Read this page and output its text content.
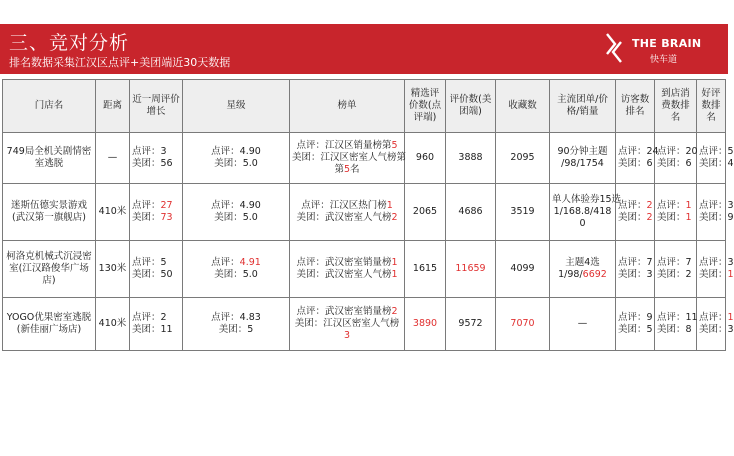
三、竞对分析
排名数据采集江汉区点评+美团端近30天数据
THE BRAIN
快车道
门店名	距离	近一周评价增长	星级	榜单	精选评价数(点评端)	评价数(美团端)	收藏数	主流团单/价格/销量	访客数排名	到店消费数排名	好评数排名
749局全机关剧情密室逃脱	—	点评：3
美团：56	点评：4.90
美团：5.0	点评：江汉区销量榜第5
美团：江汉区密室人气榜第
第5名	960	3888	2095	90分钟主题
/98/1754	点评：24
美团：6	点评：20
美团：6	点评：5
美团：4

迷斯伍德实景游戏(武汉第一旗舰店)	410米	点评：27
美团：73	点评：4.90
美团：5.0	点评：江汉区热门榜1
美团：武汉密室人气榜2	2065	4686	3519	单人体验券15选
1/168.8/418
0	点评：2
美团：2	点评：1
美团：1	点评：3
美团：9

柯洛克机械式沉浸密室(江汉路俊华广场店)	130米	点评：5
美团：50	点评：4.91
美团：5.0	点评：武汉密室销量榜1
美团：武汉密室人气榜1	1615	11659	4099	主题4选
1/98/6692	点评：7
美团：3	点评：7
美团：2	点评：3
美团：1

YOGO优果密室逃脱(新佳丽广场店)	410米	点评：2
美团：11	点评：4.83
美团：5	点评：武汉密室销量榜2
美团：江汉区密室人气榜
3	3890	9572	7070	—	点评：9
美团：5	点评：11
美团：8	点评：1
美团：3
